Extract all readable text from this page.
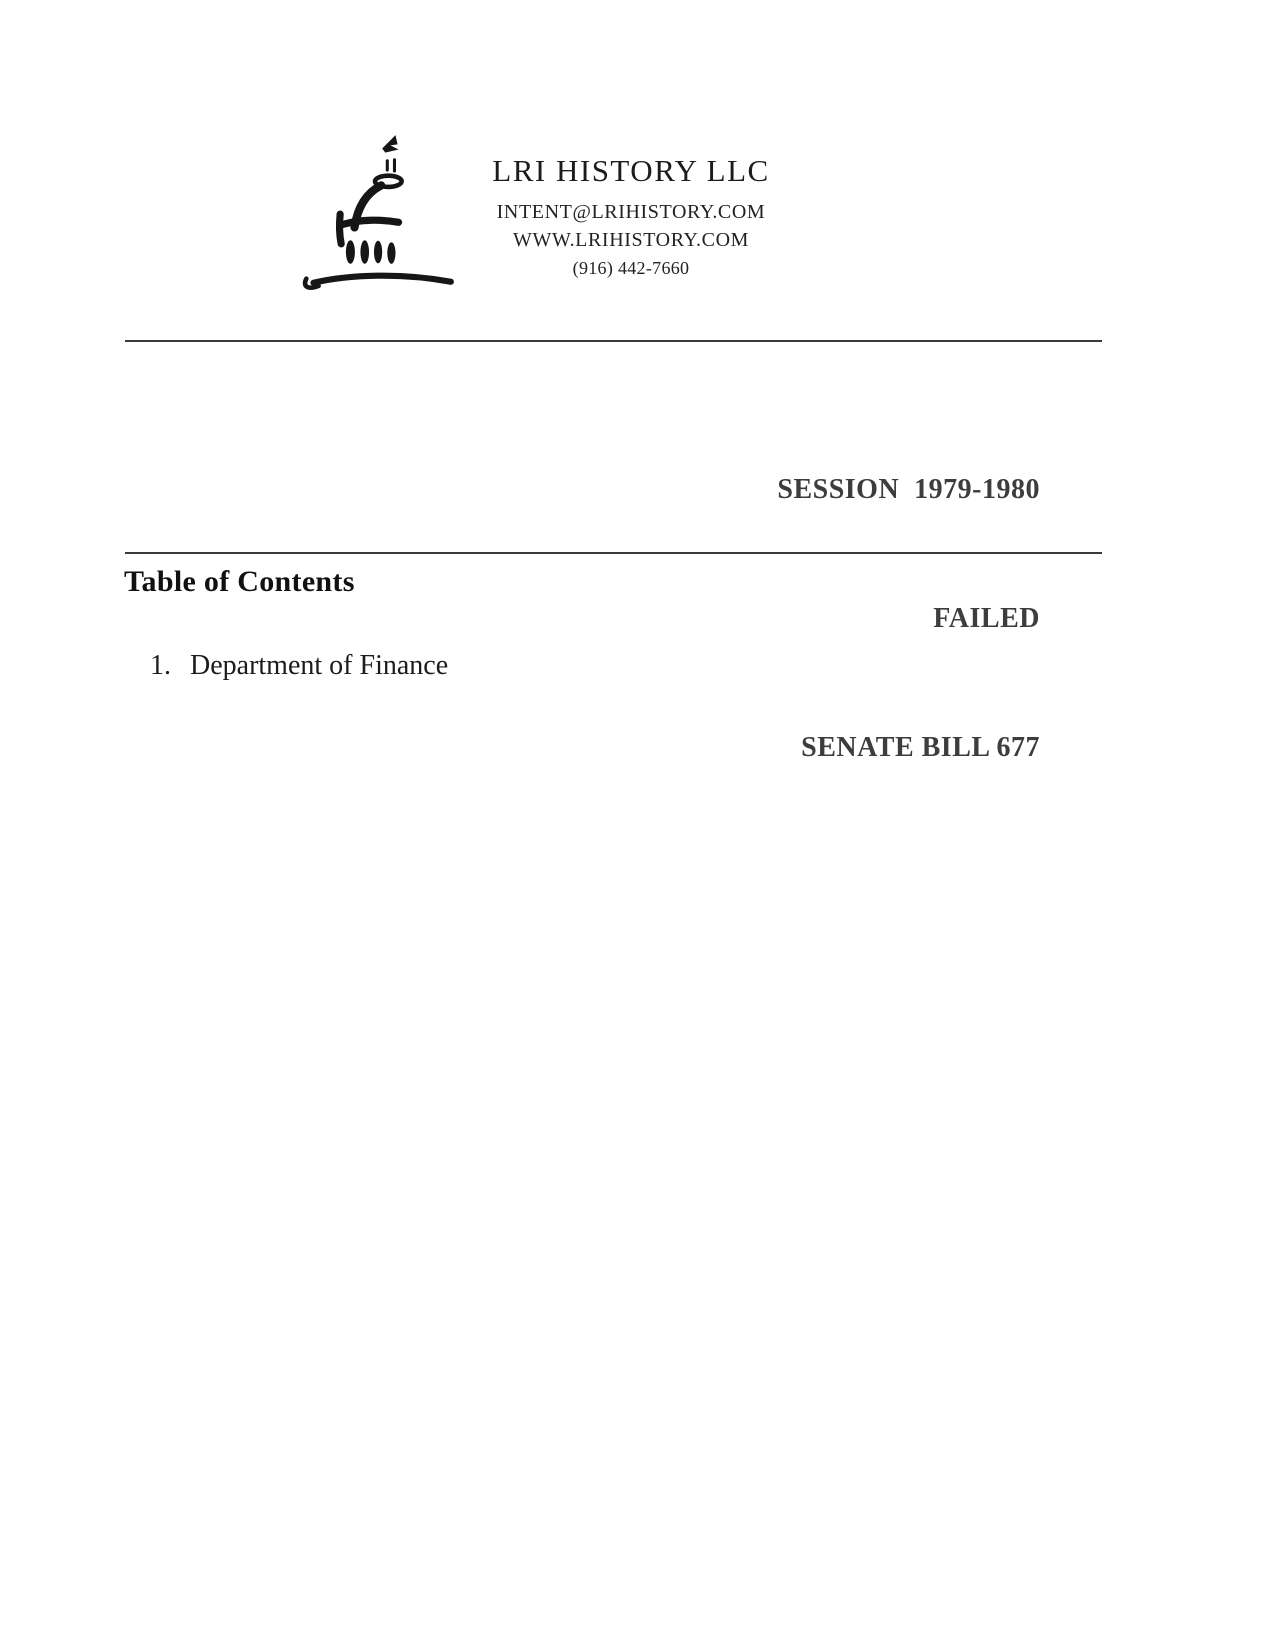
LRI HISTORY LLC
INTENT@LRIHISTORY.COM
WWW.LRIHISTORY.COM
(916) 442-7660

SESSION  1979-1980

FAILED

SENATE BILL 677

Table of Contents
1. Department of Finance
